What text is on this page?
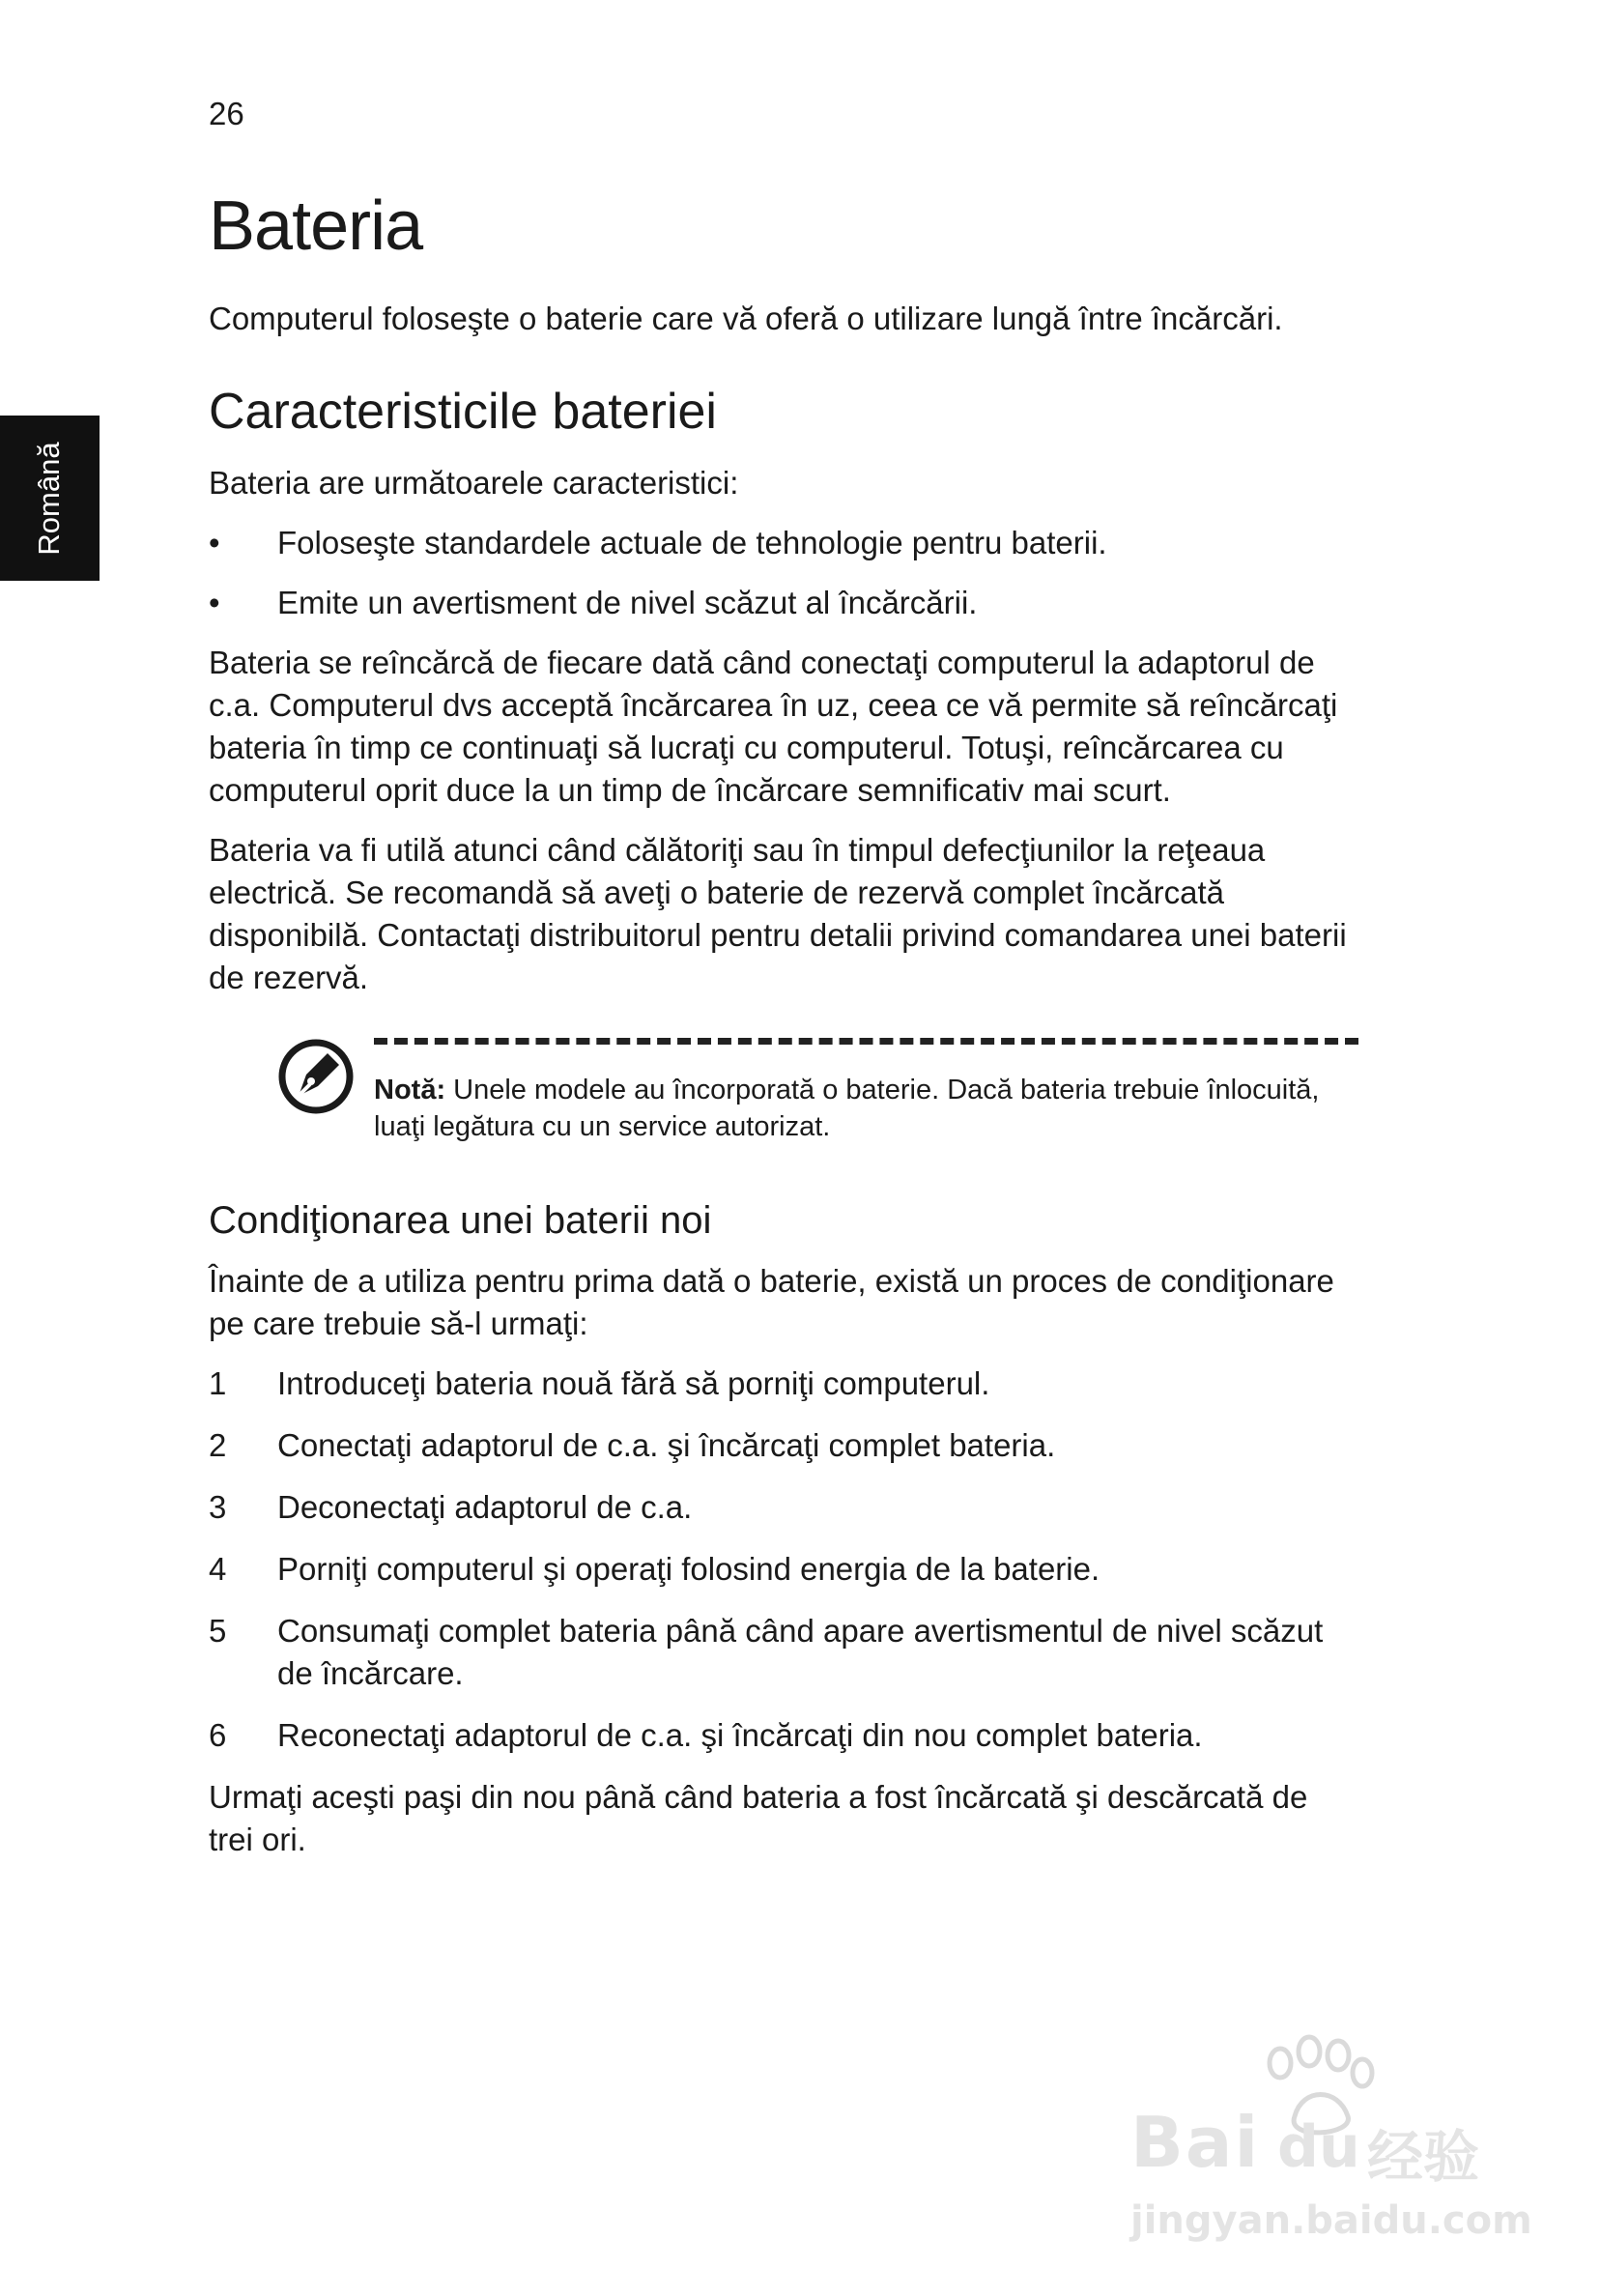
26
Română
Bateria

Computerul foloseşte o baterie care vă oferă o utilizare lungă între încărcări.

Caracteristicile bateriei

Bateria are următoarele caracteristici:

• Foloseşte standardele actuale de tehnologie pentru baterii.
• Emite un avertisment de nivel scăzut al încărcării.

Bateria se reîncărcă de fiecare dată când conectaţi computerul la adaptorul de c.a. Computerul dvs acceptă încărcarea în uz, ceea ce vă permite să reîncărcaţi bateria în timp ce continuaţi să lucraţi cu computerul. Totuşi, reîncărcarea cu computerul oprit duce la un timp de încărcare semnificativ mai scurt.

Bateria va fi utilă atunci când călătoriţi sau în timpul defecţiunilor la reţeaua electrică. Se recomandă să aveţi o baterie de rezervă complet încărcată disponibilă. Contactaţi distribuitorul pentru detalii privind comandarea unei baterii de rezervă.

Notă: Unele modele au încorporată o baterie. Dacă bateria trebuie înlocuită, luaţi legătura cu un service autorizat.
Condiţionarea unei baterii noi

Înainte de a utiliza pentru prima dată o baterie, există un proces de condiţionare pe care trebuie să-l urmaţi:

1 Introduceţi bateria nouă fără să porniţi computerul.
2 Conectaţi adaptorul de c.a. şi încărcaţi complet bateria.
3 Deconectaţi adaptorul de c.a.
4 Porniţi computerul şi operaţi folosind energia de la baterie.
5 Consumaţi complet bateria până când apare avertismentul de nivel scăzut de încărcare.
6 Reconectaţi adaptorul de c.a. şi încărcaţi din nou complet bateria.

Urmaţi aceşti paşi din nou până când bateria a fost încărcată şi descărcată de trei ori.

Bai du 经验
jingyan.baidu.com
